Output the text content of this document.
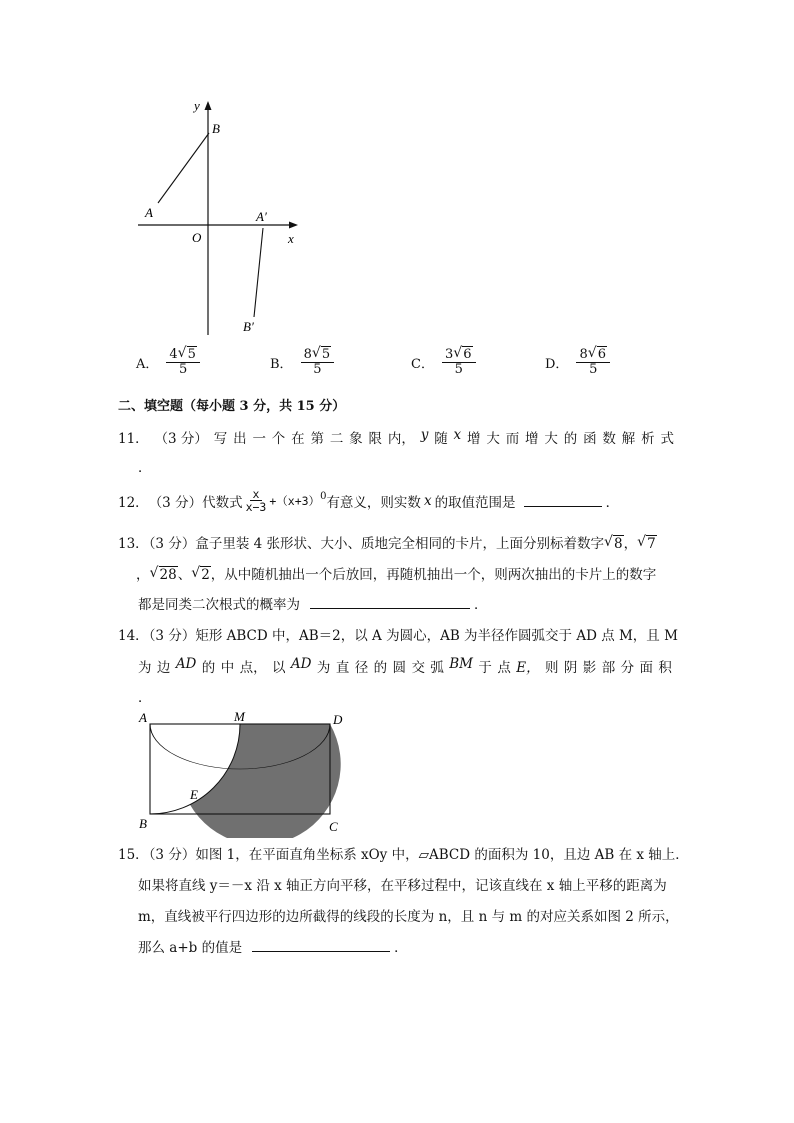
y
B
A	A′
O	x
B′
A． $\frac{4 √ 5}{5}$	B． $\frac{8 √ 5}{5}$	C． $\frac{3 √ 6}{5}$	D． $\frac{8 √ 6}{5}$
二、填空题（每小题 3 分，共 15 分）
11． （3 分） 写 出 一 个 在 第 二 象 限 内， y 随 x 增 大 而 增 大 的 函 数 解 析 式
．
12． （3 分） 代数式 $\frac{x}{x-3} +(x+3)^0$ 有意义，则实数 x 的取值范围是	．
13．（3 分）盒子里装 4 张形状、大小、质地完全相同的卡片，上面分别标着数字 √ 8， √ 7
， √ 28、 √ 2，从中随机抽出一个后放回，再随机抽出一个，则两次抽出的卡片上的数字
都是同类二次根式的概率为	．
14．（3 分）矩形 ABCD 中，AB＝2，以 A 为圆心，AB 为半径作圆弧交于 AD 点 M，且 M
为 边 AD 的 中 点， 以 AD 为 直 径 的 圆 交 弧 BM 于 点 E， 则 阴 影 部 分 面 积
．
A	M	D
E
B	C
15．（3 分）如图 1，在平面直角坐标系 xOy 中，▱ABCD 的面积为 10，且边 AB 在 x 轴上．
如果将直线 y＝－x 沿 x 轴正方向平移，在平移过程中，记该直线在 x 轴上平移的距离为
m，直线被平行四边形的边所截得的线段的长度为 n，且 n 与 m 的对应关系如图 2 所示，
那么 a+b 的值是	．
